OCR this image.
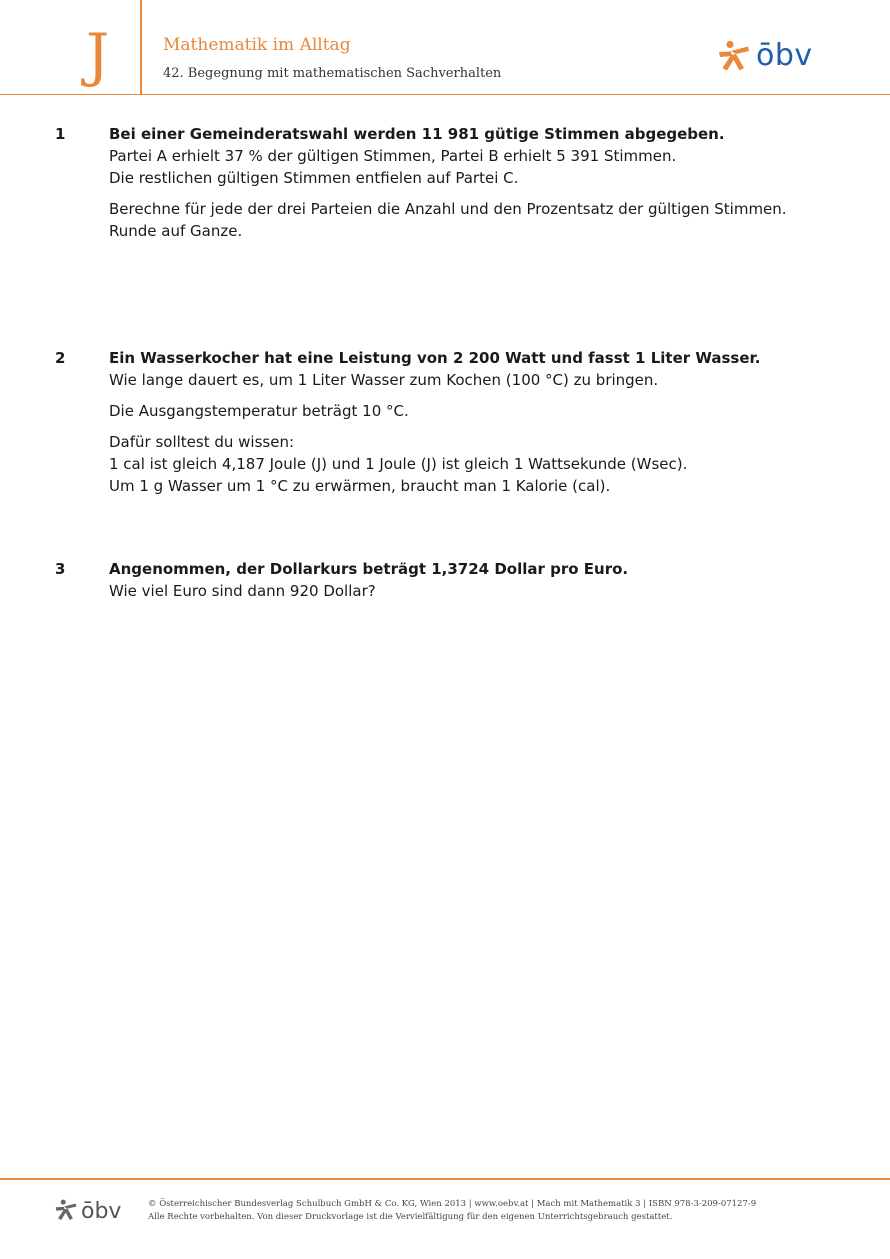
J	Mathematik im Alltag
42. Begegnung mit mathematischen Sachverhalten
ōbv
1	Bei einer Gemeinderatswahl werden 11 981 gütige Stimmen abgegeben.

Partei A erhielt 37 % der gültigen Stimmen, Partei B erhielt 5 391 Stimmen.

Die restlichen gültigen Stimmen entfielen auf Partei C.

Berechne für jede der drei Parteien die Anzahl und den Prozentsatz der gültigen Stimmen.

Runde auf Ganze.

2	Ein Wasserkocher hat eine Leistung von 2 200 Watt und fasst 1 Liter Wasser.

Wie lange dauert es, um 1 Liter Wasser zum Kochen (100 °C) zu bringen.

Die Ausgangstemperatur beträgt 10 °C.

Dafür solltest du wissen:

1 cal ist gleich 4,187 Joule (J) und 1 Joule (J) ist gleich 1 Wattsekunde (Wsec).

Um 1 g Wasser um 1 °C zu erwärmen, braucht man 1 Kalorie (cal).

3	Angenommen, der Dollarkurs beträgt 1,3724 Dollar pro Euro.

Wie viel Euro sind dann 920 Dollar?

ōbv	© Österreichischer Bundesverlag Schulbuch GmbH & Co. KG, Wien 2013 | www.oebv.at | Mach mit Mathematik 3 | ISBN 978-3-209-07127-9
Alle Rechte vorbehalten. Von dieser Druckvorlage ist die Vervielfältigung für den eigenen Unterrichtsgebrauch gestattet.
